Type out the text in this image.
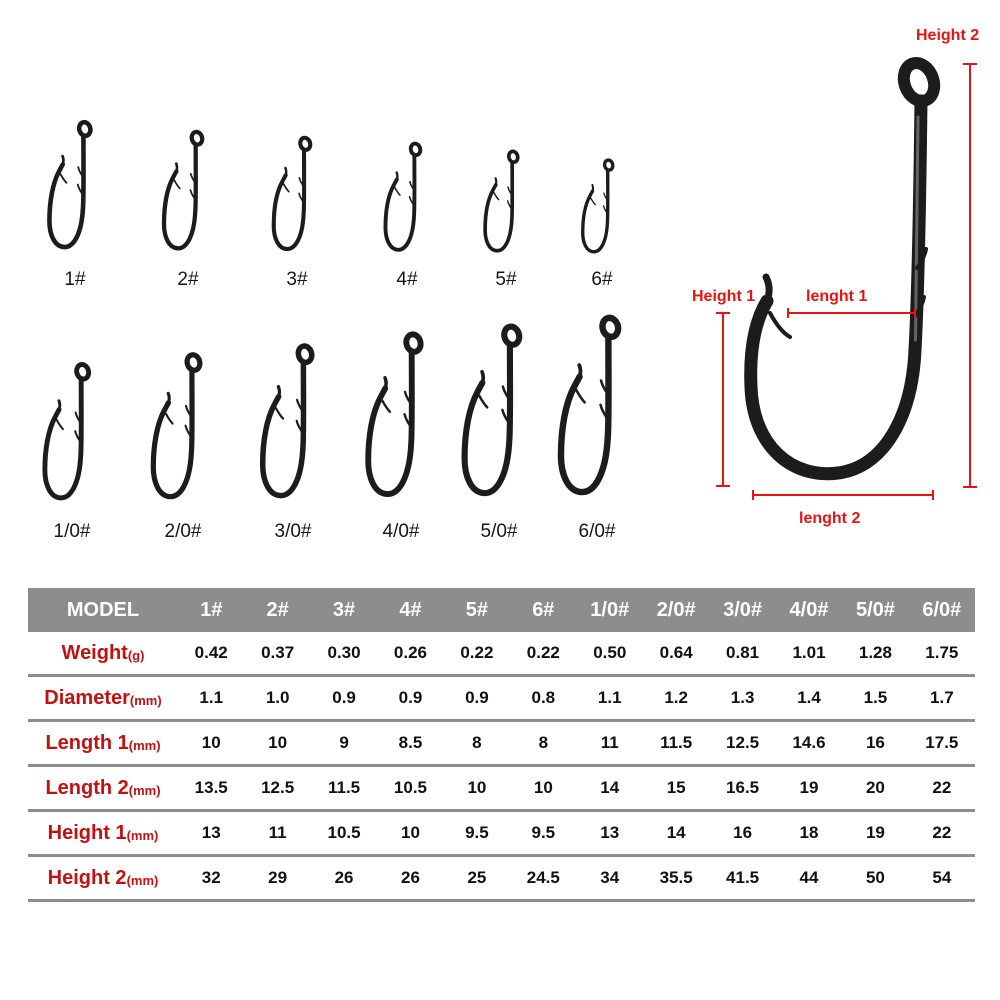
1#	2#	3#	4#	5#	6#
1/0#	2/0#	3/0#	4/0#	5/0#	6/0#
Height 2
Height 1	lenght 1
lenght 2
MODEL	1#	2#	3#	4#	5#	6#	1/0#	2/0#	3/0#	4/0#	5/0#	6/0#
Weight (g)	0.42	0.37	0.30	0.26	0.22	0.22	0.50	0.64	0.81	1.01	1.28	1.75
Diameter (mm)	1.1	1.0	0.9	0.9	0.9	0.8	1.1	1.2	1.3	1.4	1.5	1.7
Length 1 (mm)	10	10	9	8.5	8	8	11	11.5	12.5	14.6	16	17.5
Length 2 (mm)	13.5	12.5	11.5	10.5	10	10	14	15	16.5	19	20	22
Height 1 (mm)	13	11	10.5	10	9.5	9.5	13	14	16	18	19	22
Height 2 (mm)	32	29	26	26	25	24.5	34	35.5	41.5	44	50	54
